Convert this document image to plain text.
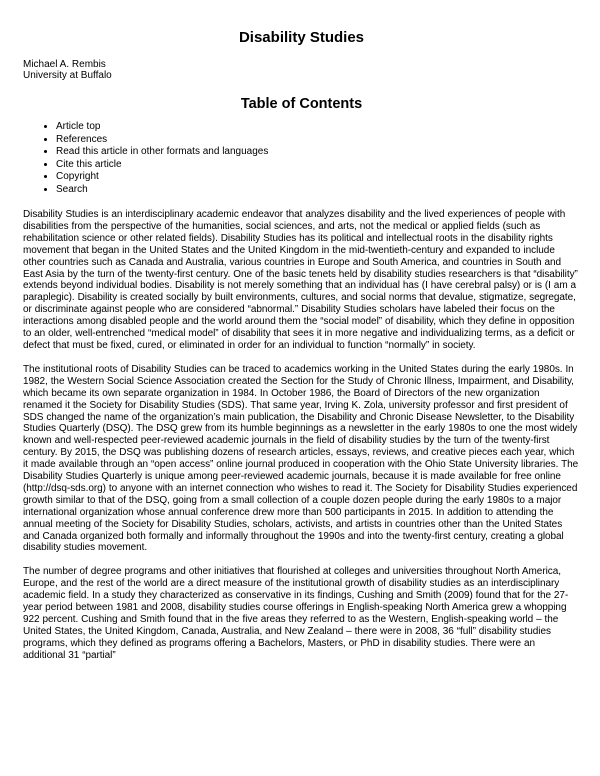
Disability Studies
Michael A. Rembis
University at Buffalo
Table of Contents
• Article top
• References
• Read this article in other formats and languages
• Cite this article
• Copyright
• Search

Disability Studies is an interdisciplinary academic endeavor that analyzes disability and the lived experiences of people with disabilities from the perspective of the humanities, social sciences, and arts, not the medical or applied fields (such as rehabilitation science or other related fields). Disability Studies has its political and intellectual roots in the disability rights movement that began in the United States and the United Kingdom in the mid-twentieth-century and expanded to include other countries such as Canada and Australia, various countries in Europe and South America, and countries in South and East Asia by the turn of the twenty-first century. One of the basic tenets held by disability studies researchers is that “disability” extends beyond individual bodies. Disability is not merely something that an individual has (I have cerebral palsy) or is (I am a paraplegic). Disability is created socially by built environments, cultures, and social norms that devalue, stigmatize, segregate, or discriminate against people who are considered “abnormal.” Disability Studies scholars have labeled their focus on the interactions among disabled people and the world around them the “social model” of disability, which they define in opposition to an older, well-entrenched “medical model” of disability that sees it in more negative and individualizing terms, as a deficit or defect that must be fixed, cured, or eliminated in order for an individual to function “normally” in society.

The institutional roots of Disability Studies can be traced to academics working in the United States during the early 1980s. In 1982, the Western Social Science Association created the Section for the Study of Chronic Illness, Impairment, and Disability, which became its own separate organization in 1984. In October 1986, the Board of Directors of the new organization renamed it the Society for Disability Studies (SDS). That same year, Irving K. Zola, university professor and first president of SDS changed the name of the organization’s main publication, the Disability and Chronic Disease Newsletter, to the Disability Studies Quarterly (DSQ). The DSQ grew from its humble beginnings as a newsletter in the early 1980s to one the most widely known and well-respected peer-reviewed academic journals in the field of disability studies by the turn of the twenty-first century. By 2015, the DSQ was publishing dozens of research articles, essays, reviews, and creative pieces each year, which it made available through an “open access” online journal produced in cooperation with the Ohio State University libraries. The Disability Studies Quarterly is unique among peer-reviewed academic journals, because it is made available for free online (http://dsq-sds.org) to anyone with an internet connection who wishes to read it. The Society for Disability Studies experienced growth similar to that of the DSQ, going from a small collection of a couple dozen people during the early 1980s to a major international organization whose annual conference drew more than 500 participants in 2015. In addition to attending the annual meeting of the Society for Disability Studies, scholars, activists, and artists in countries other than the United States and Canada organized both formally and informally throughout the 1990s and into the twenty-first century, creating a global disability studies movement.

The number of degree programs and other initiatives that flourished at colleges and universities throughout North America, Europe, and the rest of the world are a direct measure of the institutional growth of disability studies as an interdisciplinary academic field. In a study they characterized as conservative in its findings, Cushing and Smith (2009) found that for the 27-year period between 1981 and 2008, disability studies course offerings in English-speaking North America grew a whopping 922 percent. Cushing and Smith found that in the five areas they referred to as the Western, English-speaking world – the United States, the United Kingdom, Canada, Australia, and New Zealand – there were in 2008, 36 “full” disability studies programs, which they defined as programs offering a Bachelors, Masters, or PhD in disability studies. There were an additional 31 “partial”
